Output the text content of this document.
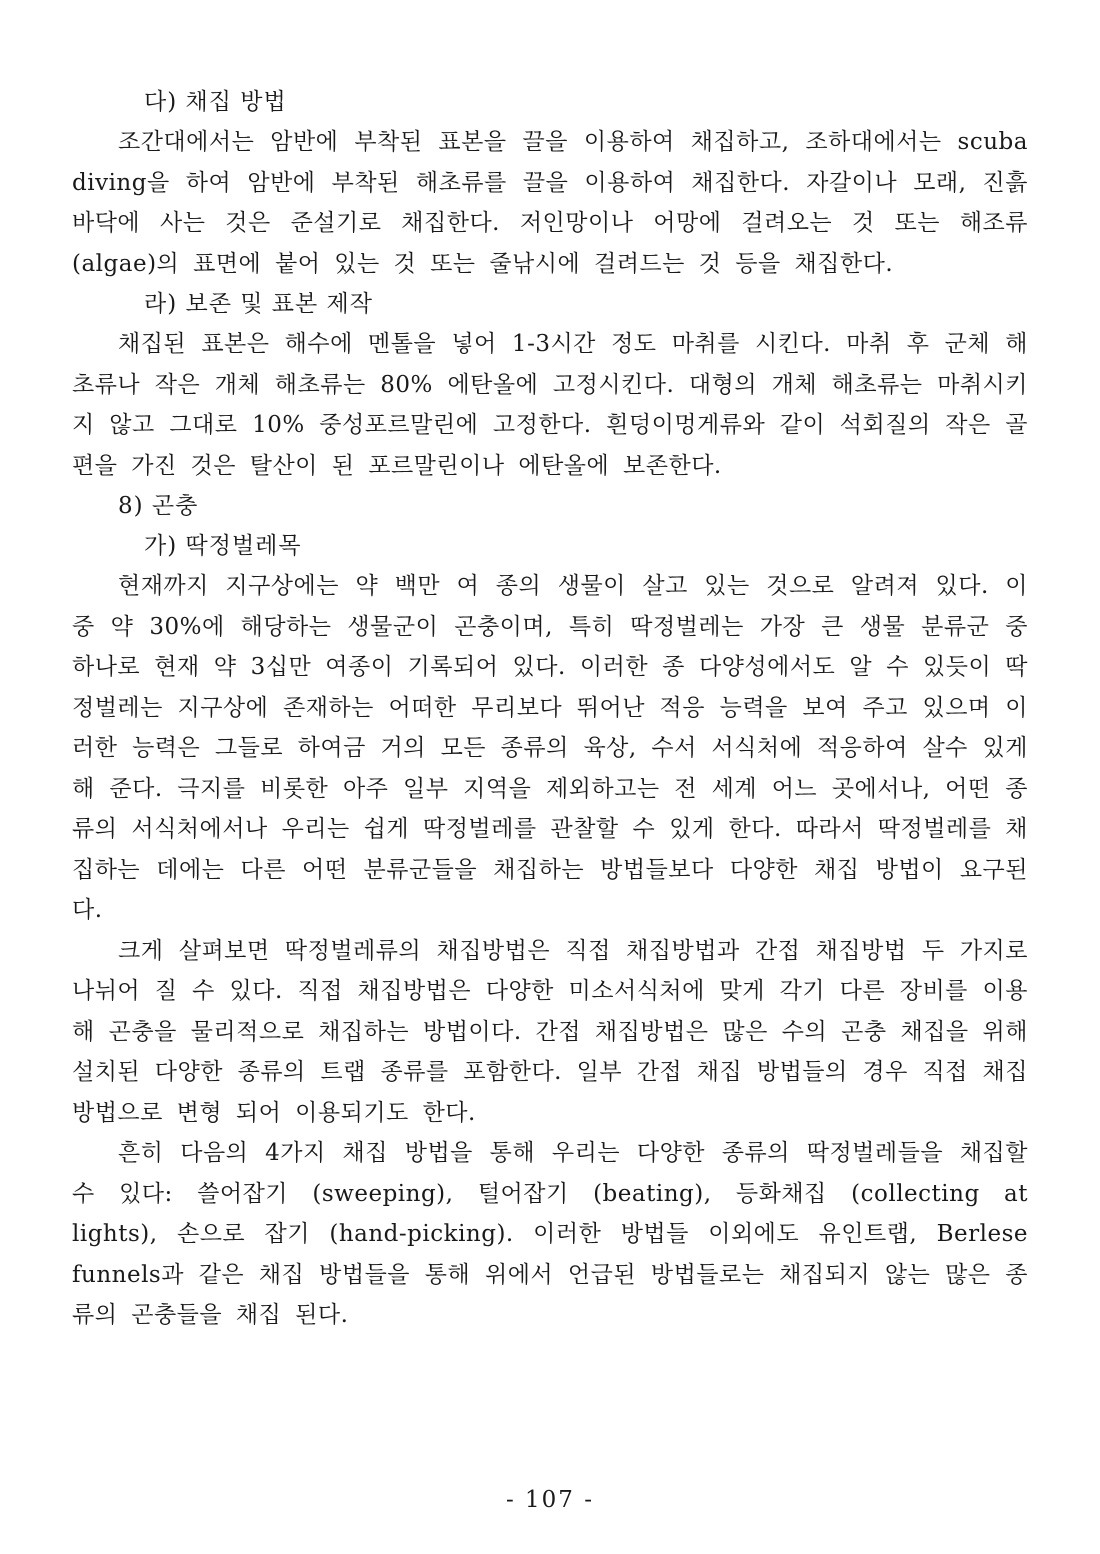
다) 채집 방법

조간대에서는 암반에 부착된 표본을 끌을 이용하여 채집하고, 조하대에서는 scuba diving을 하여 암반에 부착된 해초류를 끌을 이용하여 채집한다. 자갈이나 모래, 진흙 바닥에 사는 것은 준설기로 채집한다. 저인망이나 어망에 걸려오는 것 또는 해조류 (algae)의 표면에 붙어 있는 것 또는 줄낚시에 걸려드는 것 등을 채집한다.

라) 보존 및 표본 제작

채집된 표본은 해수에 멘톨을 넣어 1-3시간 정도 마취를 시킨다. 마취 후 군체 해초류나 작은 개체 해초류는 80% 에탄올에 고정시킨다. 대형의 개체 해초류는 마취시키지 않고 그대로 10% 중성포르말린에 고정한다. 흰덩이멍게류와 같이 석회질의 작은 골편을 가진 것은 탈산이 된 포르말린이나 에탄올에 보존한다.

8) 곤충
가) 딱정벌레목

현재까지 지구상에는 약 백만 여 종의 생물이 살고 있는 것으로 알려져 있다. 이 중 약 30%에 해당하는 생물군이 곤충이며, 특히 딱정벌레는 가장 큰 생물 분류군 중 하나로 현재 약 3십만 여종이 기록되어 있다. 이러한 종 다양성에서도 알 수 있듯이 딱정벌레는 지구상에 존재하는 어떠한 무리보다 뛰어난 적응 능력을 보여 주고 있으며 이러한 능력은 그들로 하여금 거의 모든 종류의 육상, 수서 서식처에 적응하여 살수 있게 해 준다. 극지를 비롯한 아주 일부 지역을 제외하고는 전 세계 어느 곳에서나, 어떤 종류의 서식처에서나 우리는 쉽게 딱정벌레를 관찰할 수 있게 한다. 따라서 딱정벌레를 채집하는 데에는 다른 어떤 분류군들을 채집하는 방법들보다 다양한 채집 방법이 요구된다.

크게 살펴보면 딱정벌레류의 채집방법은 직접 채집방법과 간접 채집방법 두 가지로 나뉘어 질 수 있다. 직접 채집방법은 다양한 미소서식처에 맞게 각기 다른 장비를 이용해 곤충을 물리적으로 채집하는 방법이다. 간접 채집방법은 많은 수의 곤충 채집을 위해 설치된 다양한 종류의 트랩 종류를 포함한다. 일부 간접 채집 방법들의 경우 직접 채집방법으로 변형 되어 이용되기도 한다.

흔히 다음의 4가지 채집 방법을 통해 우리는 다양한 종류의 딱정벌레들을 채집할 수 있다: 쓸어잡기 (sweeping), 털어잡기 (beating), 등화채집 (collecting at lights), 손으로 잡기 (hand-picking). 이러한 방법들 이외에도 유인트랩, Berlese funnels과 같은 채집 방법들을 통해 위에서 언급된 방법들로는 채집되지 않는 많은 종류의 곤충들을 채집 된다.

- 107 -
